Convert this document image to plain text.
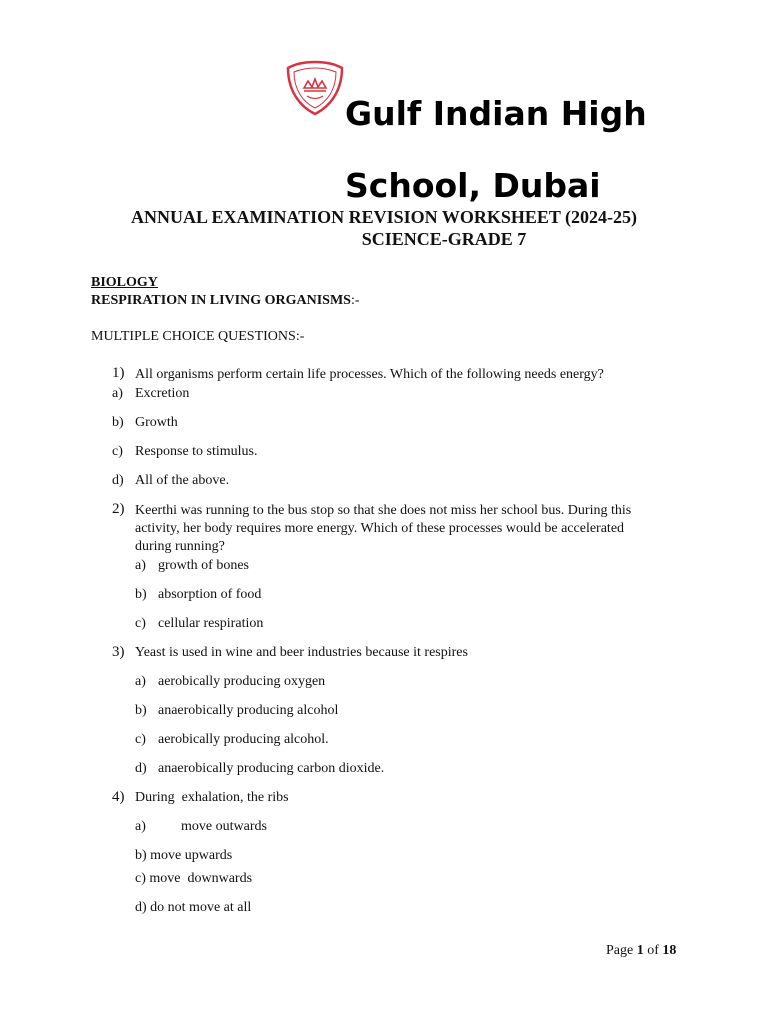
Gulf Indian High School, Dubai
ANNUAL EXAMINATION REVISION WORKSHEET (2024-25)
SCIENCE-GRADE 7
BIOLOGY
RESPIRATION IN LIVING ORGANISMS:-
MULTIPLE CHOICE QUESTIONS:-
1) All organisms perform certain life processes. Which of the following needs energy?
a) Excretion
b) Growth
c) Response to stimulus.
d) All of the above.
2) Keerthi was running to the bus stop so that she does not miss her school bus. During this activity, her body requires more energy. Which of these processes would be accelerated during running?
a) growth of bones
b) absorption of food
c) cellular respiration
3) Yeast is used in wine and beer industries because it respires
a) aerobically producing oxygen
b) anaerobically producing alcohol
c) aerobically producing alcohol.
d) anaerobically producing carbon dioxide.
4) During  exhalation, the ribs
a)	move outwards
b) move upwards
c) move  downwards
d) do not move at all
Page 1 of 18
